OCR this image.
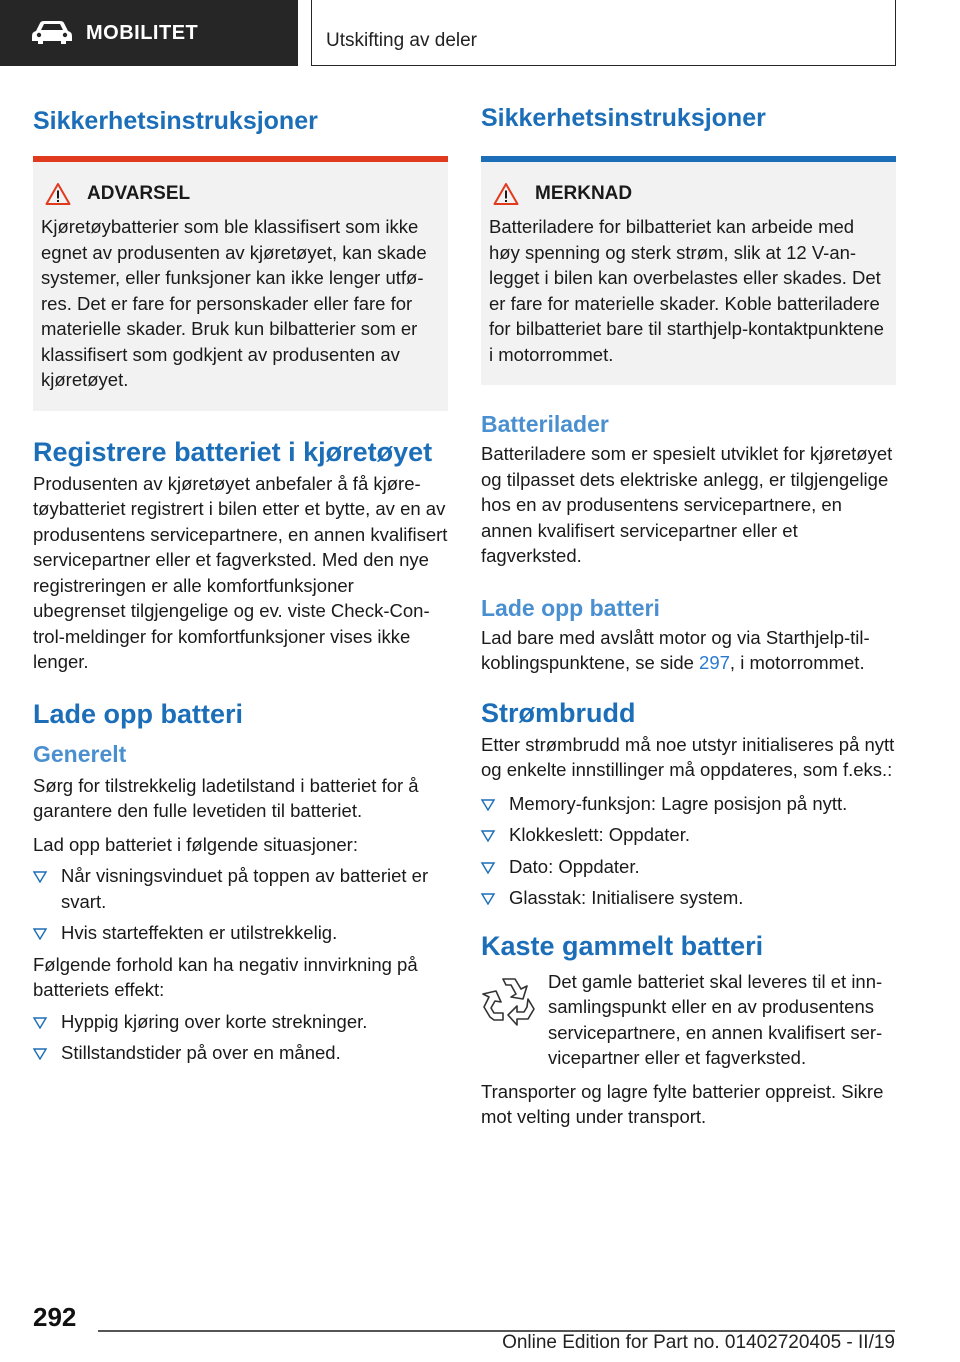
MOBILITET	Utskifting av deler
Sikkerhetsinstruksjoner
ADVARSEL
Kjøretøybatterier som ble klassifisert som ikke egnet av produsenten av kjøretøyet, kan skade systemer, eller funksjoner kan ikke lenger utføres. Det er fare for personskader eller fare for materielle skader. Bruk kun bilbatterier som er klassifisert som godkjent av produsenten av kjøretøyet.
Registrere batteriet i kjøretøyet
Produsenten av kjøretøyet anbefaler å få kjøretøybatteriet registrert i bilen etter et bytte, av en av produsentens servicepartnere, en annen kvalifisert servicepartner eller et fagverksted. Med den nye registreringen er alle komfortfunksjoner ubegrenset tilgjengelige og ev. viste Check-Control-meldinger for komfortfunksjoner vises ikke lenger.
Lade opp batteri
Generelt
Sørg for tilstrekkelig ladetilstand i batteriet for å garantere den fulle levetiden til batteriet.
Lad opp batteriet i følgende situasjoner:
Når visningsvinduet på toppen av batteriet er svart.
Hvis starteffekten er utilstrekkelig.
Følgende forhold kan ha negativ innvirkning på batteriets effekt:
Hyppig kjøring over korte strekninger.
Stillstandstider på over en måned.
Sikkerhetsinstruksjoner
MERKNAD
Batteriladere for bilbatteriet kan arbeide med høy spenning og sterk strøm, slik at 12 V-anlegget i bilen kan overbelastes eller skades. Det er fare for materielle skader. Koble batteriladere for bilbatteriet bare til starthjelp-kontaktpunktene i motorrommet.
Batterilader
Batteriladere som er spesielt utviklet for kjøretøyet og tilpasset dets elektriske anlegg, er tilgjengelige hos en av produsentens servicepartnere, en annen kvalifisert servicepartner eller et fagverksted.
Lade opp batteri
Lad bare med avslått motor og via Starthjelp-tilkoblingspunktene, se side 297, i motorrommet.
Strømbrudd
Etter strømbrudd må noe utstyr initialiseres på nytt og enkelte innstillinger må oppdateres, som f.eks.:
Memory-funksjon: Lagre posisjon på nytt.
Klokkeslett: Oppdater.
Dato: Oppdater.
Glasstak: Initialisere system.
Kaste gammelt batteri
Det gamle batteriet skal leveres til et innsamlingspunkt eller en av produsentens servicepartnere, en annen kvalifisert servicepartner eller et fagverksted.
Transporter og lagre fylte batterier oppreist. Sikre mot velting under transport.
292
Online Edition for Part no. 01402720405 - II/19
